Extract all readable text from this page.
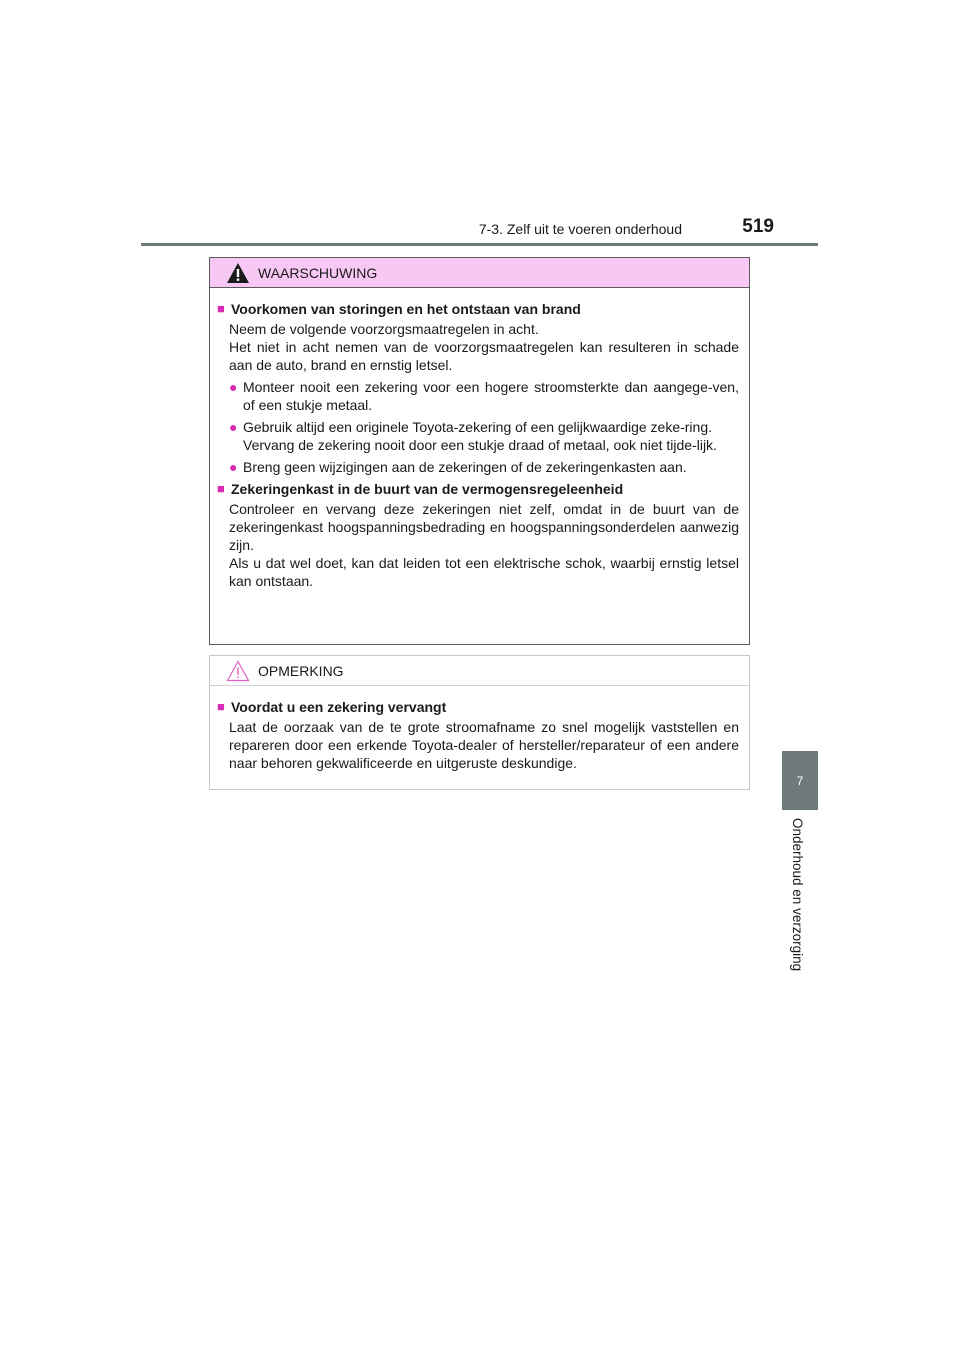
7-3. Zelf uit te voeren onderhoud	519
7
Onderhoud en verzorging
WAARSCHUWING
■ Voorkomen van storingen en het ontstaan van brand

Neem de volgende voorzorgsmaatregelen in acht.

Het niet in acht nemen van de voorzorgsmaatregelen kan resulteren in schade aan de auto, brand en ernstig letsel.

● Monteer nooit een zekering voor een hogere stroomsterkte dan aangege-ven, of een stukje metaal.

● Gebruik altijd een originele Toyota-zekering of een gelijkwaardige zeke-ring.

Vervang de zekering nooit door een stukje draad of metaal, ook niet tijde-lijk.

● Breng geen wijzigingen aan de zekeringen of de zekeringenkasten aan.

■ Zekeringenkast in de buurt van de vermogensregeleenheid

Controleer en vervang deze zekeringen niet zelf, omdat in de buurt van de zekeringenkast hoogspanningsbedrading en hoogspanningsonderdelen aanwezig zijn.

Als u dat wel doet, kan dat leiden tot een elektrische schok, waarbij ernstig letsel kan ontstaan.

OPMERKING
■ Voordat u een zekering vervangt

Laat de oorzaak van de te grote stroomafname zo snel mogelijk vaststellen en repareren door een erkende Toyota-dealer of hersteller/reparateur of een andere naar behoren gekwalificeerde en uitgeruste deskundige.
